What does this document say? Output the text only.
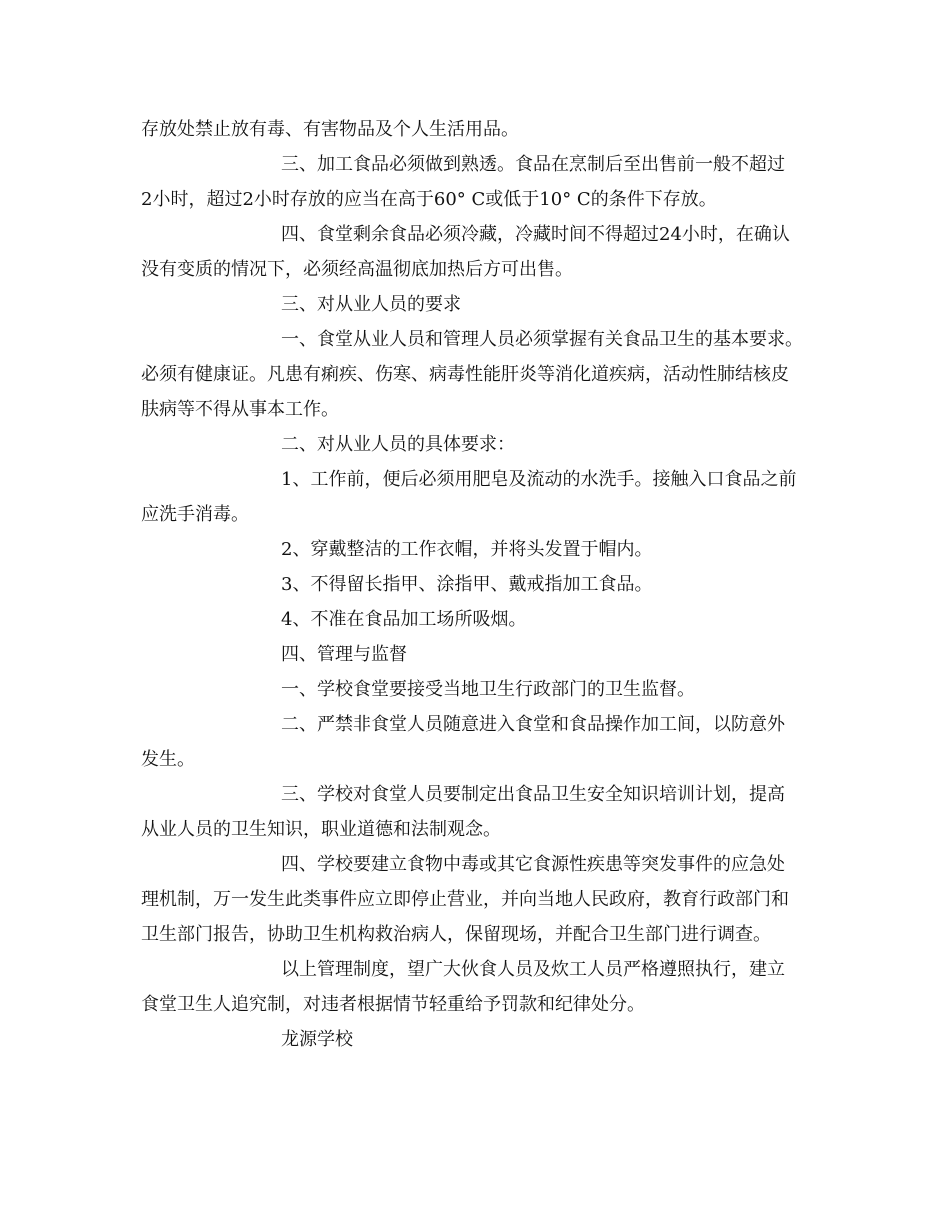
存放处禁止放有毒、有害物品及个人生活用品。
三、加工食品必须做到熟透。食品在烹制后至出售前一般不超过
2小时，超过2小时存放的应当在高于60° C或低于10° C的条件下存放。
四、食堂剩余食品必须冷藏，冷藏时间不得超过24小时，在确认
没有变质的情况下，必须经高温彻底加热后方可出售。
三、对从业人员的要求
一、食堂从业人员和管理人员必须掌握有关食品卫生的基本要求。
必须有健康证。凡患有痢疾、伤寒、病毒性能肝炎等消化道疾病，活动性肺结核皮
肤病等不得从事本工作。
二、对从业人员的具体要求：
1、工作前，便后必须用肥皂及流动的水洗手。接触入口食品之前
应洗手消毒。
2、穿戴整洁的工作衣帽，并将头发置于帽内。
3、不得留长指甲、涂指甲、戴戒指加工食品。
4、不准在食品加工场所吸烟。
四、管理与监督
一、学校食堂要接受当地卫生行政部门的卫生监督。
二、严禁非食堂人员随意进入食堂和食品操作加工间，以防意外
发生。
三、学校对食堂人员要制定出食品卫生安全知识培训计划，提高
从业人员的卫生知识，职业道德和法制观念。
四、学校要建立食物中毒或其它食源性疾患等突发事件的应急处
理机制，万一发生此类事件应立即停止营业，并向当地人民政府，教育行政部门和
卫生部门报告，协助卫生机构救治病人，保留现场，并配合卫生部门进行调查。
以上管理制度，望广大伙食人员及炊工人员严格遵照执行，建立
食堂卫生人追究制，对违者根据情节轻重给予罚款和纪律处分。
龙源学校
